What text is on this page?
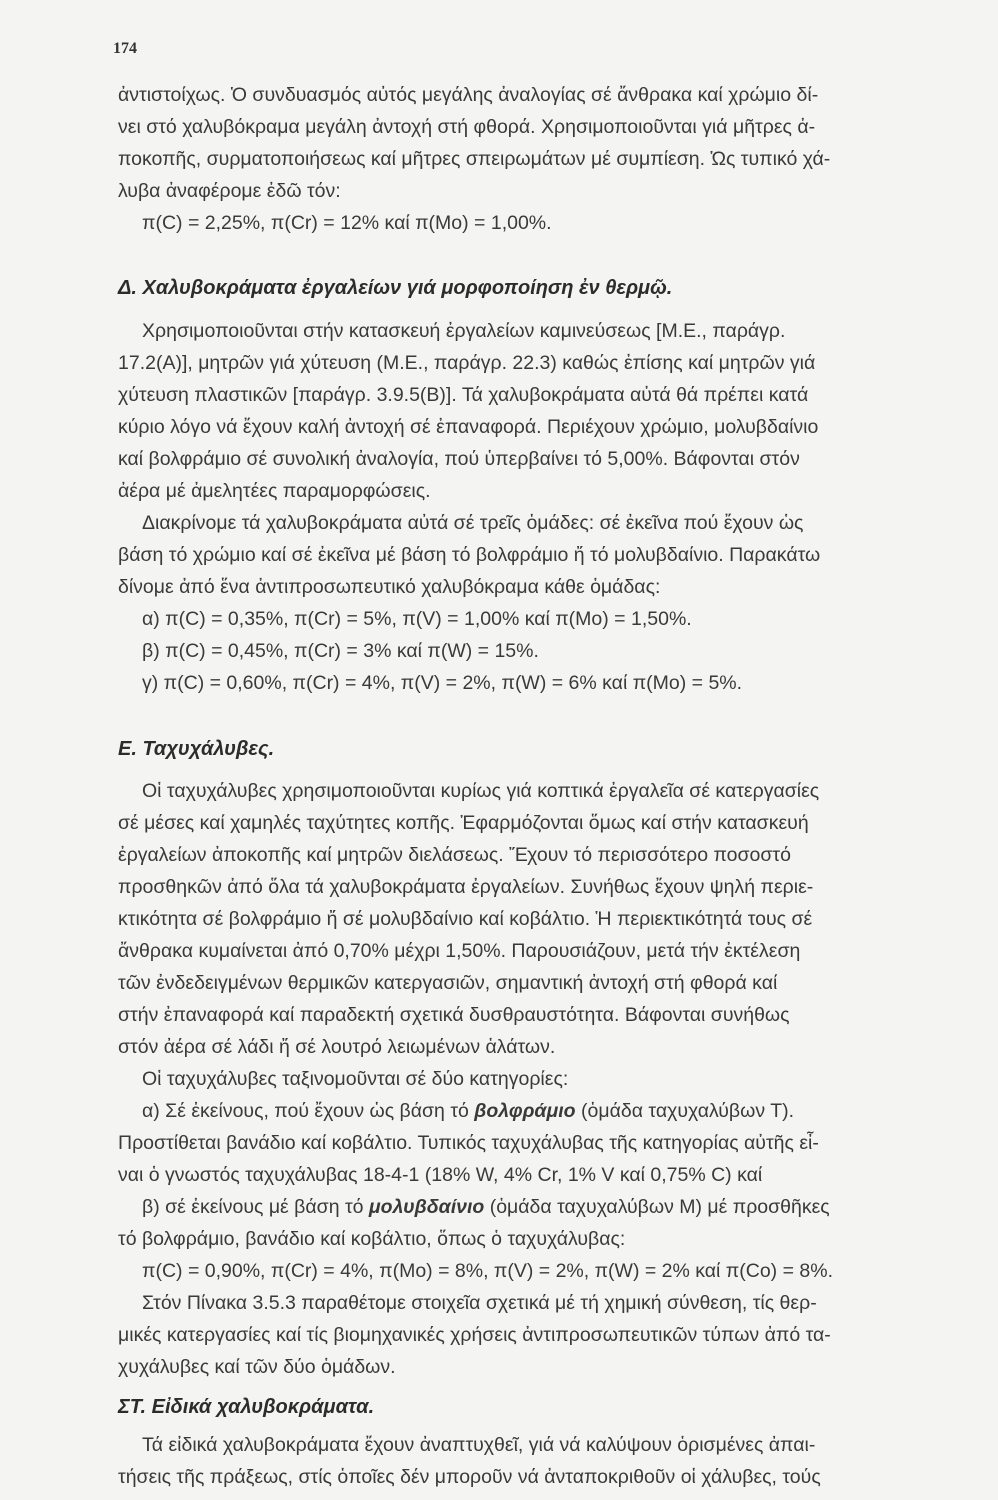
174
ἀντιστοίχως. Ὁ συνδυασμός αὐτός μεγάλης ἀναλογίας σέ ἄνθρακα καί χρώμιο δί-
νει στό χαλυβόκραμα μεγάλη ἀντοχή στή φθορά. Χρησιμοποιοῦνται γιά μῆτρες ἀ-
ποκοπῆς, συρματοποιήσεως καί μῆτρες σπειρωμάτων μέ συμπίεση. Ὡς τυπικό χά-
λυβα ἀναφέρομε ἐδῶ τόν:
π(C) = 2,25%, π(Cr) = 12% καί π(Mo) = 1,00%.
Δ. Χαλυβοκράματα ἐργαλείων γιά μορφοποίηση ἐν θερμῷ.
Χρησιμοποιοῦνται στήν κατασκευή ἐργαλείων καμινεύσεως [Μ.Ε., παράγρ.
17.2(Α)], μητρῶν γιά χύτευση (Μ.Ε., παράγρ. 22.3) καθώς ἐπίσης καί μητρῶν γιά
χύτευση πλαστικῶν [παράγρ. 3.9.5(Β)]. Τά χαλυβοκράματα αὐτά θά πρέπει κατά
κύριο λόγο νά ἔχουν καλή ἀντοχή σέ ἐπαναφορά. Περιέχουν χρώμιο, μολυβδαίνιο
καί βολφράμιο σέ συνολική ἀναλογία, πού ὑπερβαίνει τό 5,00%. Βάφονται στόν
ἀέρα μέ ἀμελητέες παραμορφώσεις.
Διακρίνομε τά χαλυβοκράματα αὐτά σέ τρεῖς ὁμάδες: σέ ἐκεῖνα πού ἔχουν ὡς
βάση τό χρώμιο καί σέ ἐκεῖνα μέ βάση τό βολφράμιο ἤ τό μολυβδαίνιο. Παρακάτω
δίνομε ἀπό ἕνα ἀντιπροσωπευτικό χαλυβόκραμα κάθε ὁμάδας:
α) π(C) = 0,35%, π(Cr) = 5%, π(V) = 1,00% καί π(Mo) = 1,50%.
β) π(C) = 0,45%, π(Cr) = 3% καί π(W) = 15%.
γ) π(C) = 0,60%, π(Cr) = 4%, π(V) = 2%, π(W) = 6% καί π(Mo) = 5%.
Ε. Ταχυχάλυβες.
Οἱ ταχυχάλυβες χρησιμοποιοῦνται κυρίως γιά κοπτικά ἐργαλεῖα σέ κατεργασίες
σέ μέσες καί χαμηλές ταχύτητες κοπῆς. Ἐφαρμόζονται ὅμως καί στήν κατασκευή
ἐργαλείων ἀποκοπῆς καί μητρῶν διελάσεως. Ἔχουν τό περισσότερο ποσοστό
προσθηκῶν ἀπό ὅλα τά χαλυβοκράματα ἐργαλείων. Συνήθως ἔχουν ψηλή περιε-
κτικότητα σέ βολφράμιο ἤ σέ μολυβδαίνιο καί κοβάλτιο. Ἡ περιεκτικότητά τους σέ
ἄνθρακα κυμαίνεται ἀπό 0,70% μέχρι 1,50%. Παρουσιάζουν, μετά τήν ἐκτέλεση
τῶν ἐνδεδειγμένων θερμικῶν κατεργασιῶν, σημαντική ἀντοχή στή φθορά καί
στήν ἐπαναφορά καί παραδεκτή σχετικά δυσθραυστότητα. Βάφονται συνήθως
στόν ἀέρα σέ λάδι ἤ σέ λουτρό λειωμένων ἁλάτων.
Οἱ ταχυχάλυβες ταξινομοῦνται σέ δύο κατηγορίες:
α) Σέ ἐκείνους, πού ἔχουν ὡς βάση τό βολφράμιο (ὁμάδα ταχυχαλύβων Τ).
Προστίθεται βανάδιο καί κοβάλτιο. Τυπικός ταχυχάλυβας τῆς κατηγορίας αὐτῆς εἶ-
ναι ὁ γνωστός ταχυχάλυβας 18-4-1 (18% W, 4% Cr, 1% V καί 0,75% C) καί
β) σέ ἐκείνους μέ βάση τό μολυβδαίνιο (ὁμάδα ταχυχαλύβων Μ) μέ προσθῆκες
τό βολφράμιο, βανάδιο καί κοβάλτιο, ὅπως ὁ ταχυχάλυβας:
π(C) = 0,90%, π(Cr) = 4%, π(Mo) = 8%, π(V) = 2%, π(W) = 2% καί π(Co) = 8%.
Στόν Πίνακα 3.5.3 παραθέτομε στοιχεῖα σχετικά μέ τή χημική σύνθεση, τίς θερ-
μικές κατεργασίες καί τίς βιομηχανικές χρήσεις ἀντιπροσωπευτικῶν τύπων ἀπό τα-
χυχάλυβες καί τῶν δύο ὁμάδων.
ΣΤ. Εἰδικά χαλυβοκράματα.
Τά εἰδικά χαλυβοκράματα ἔχουν ἀναπτυχθεῖ, γιά νά καλύψουν ὁρισμένες ἀπαι-
τήσεις τῆς πράξεως, στίς ὁποῖες δέν μποροῦν νά ἀνταποκριθοῦν οἱ χάλυβες, τούς
